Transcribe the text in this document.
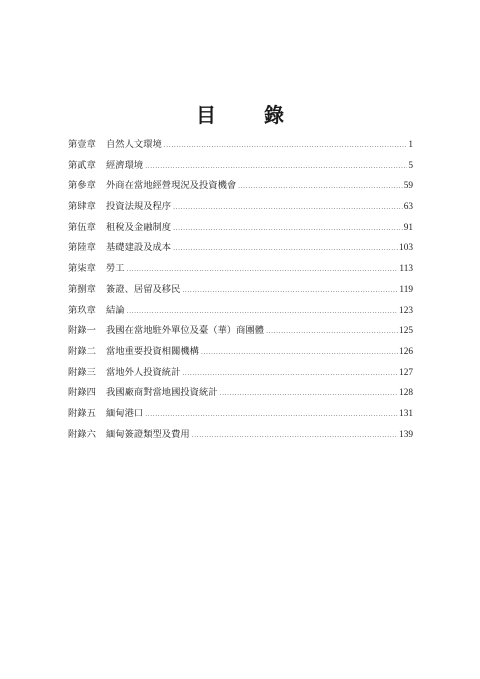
目　錄
第壹章	自然人文環境 .....	1
第貳章	經濟環境 .....	5
第參章	外商在當地經營現況及投資機會 .....	59
第肆章	投資法規及程序 .....	63
第伍章	租稅及金融制度 .....	91
第陸章	基礎建設及成本 .....	103
第柒章	勞工 .....	113
第捌章	簽證、居留及移民 .....	119
第玖章	結論 .....	123
附錄一	我國在當地駐外單位及臺（華）商團體 .....	125
附錄二	當地重要投資相關機構 .....	126
附錄三	當地外人投資統計 .....	127
附錄四	我國廠商對當地國投資統計 .....	128
附錄五	緬甸港口 .....	131
附錄六	緬甸簽證類型及費用 .....	139
